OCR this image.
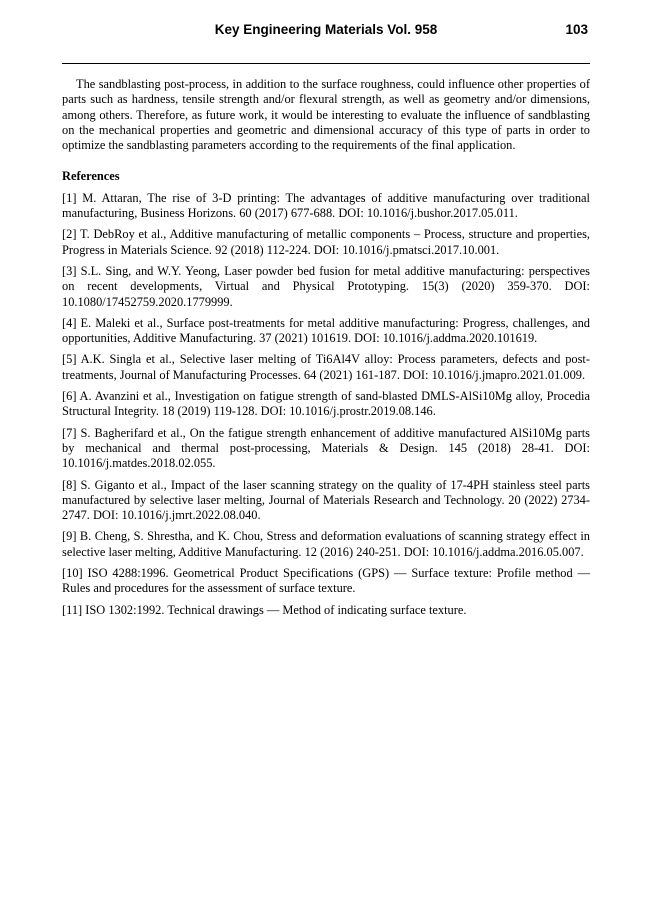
Key Engineering Materials Vol. 958	103

The sandblasting post-process, in addition to the surface roughness, could influence other properties of parts such as hardness, tensile strength and/or flexural strength, as well as geometry and/or dimensions, among others. Therefore, as future work, it would be interesting to evaluate the influence of sandblasting on the mechanical properties and geometric and dimensional accuracy of this type of parts in order to optimize the sandblasting parameters according to the requirements of the final application.

References

[1] M. Attaran, The rise of 3-D printing: The advantages of additive manufacturing over traditional manufacturing, Business Horizons. 60 (2017) 677-688. DOI: 10.1016/j.bushor.2017.05.011.

[2] T. DebRoy et al., Additive manufacturing of metallic components – Process, structure and properties, Progress in Materials Science. 92 (2018) 112-224. DOI: 10.1016/j.pmatsci.2017.10.001.

[3] S.L. Sing, and W.Y. Yeong, Laser powder bed fusion for metal additive manufacturing: perspectives on recent developments, Virtual and Physical Prototyping. 15(3) (2020) 359-370. DOI: 10.1080/17452759.2020.1779999.

[4] E. Maleki et al., Surface post-treatments for metal additive manufacturing: Progress, challenges, and opportunities, Additive Manufacturing. 37 (2021) 101619. DOI: 10.1016/j.addma.2020.101619.

[5] A.K. Singla et al., Selective laser melting of Ti6Al4V alloy: Process parameters, defects and post-treatments, Journal of Manufacturing Processes. 64 (2021) 161-187. DOI: 10.1016/j.jmapro.2021.01.009.

[6] A. Avanzini et al., Investigation on fatigue strength of sand-blasted DMLS-AlSi10Mg alloy, Procedia Structural Integrity. 18 (2019) 119-128. DOI: 10.1016/j.prostr.2019.08.146.

[7] S. Bagherifard et al., On the fatigue strength enhancement of additive manufactured AlSi10Mg parts by mechanical and thermal post-processing, Materials & Design. 145 (2018) 28-41. DOI: 10.1016/j.matdes.2018.02.055.

[8] S. Giganto et al., Impact of the laser scanning strategy on the quality of 17-4PH stainless steel parts manufactured by selective laser melting, Journal of Materials Research and Technology. 20 (2022) 2734-2747. DOI: 10.1016/j.jmrt.2022.08.040.

[9] B. Cheng, S. Shrestha, and K. Chou, Stress and deformation evaluations of scanning strategy effect in selective laser melting, Additive Manufacturing. 12 (2016) 240-251. DOI: 10.1016/j.addma.2016.05.007.

[10] ISO 4288:1996. Geometrical Product Specifications (GPS) — Surface texture: Profile method — Rules and procedures for the assessment of surface texture.

[11] ISO 1302:1992. Technical drawings — Method of indicating surface texture.
